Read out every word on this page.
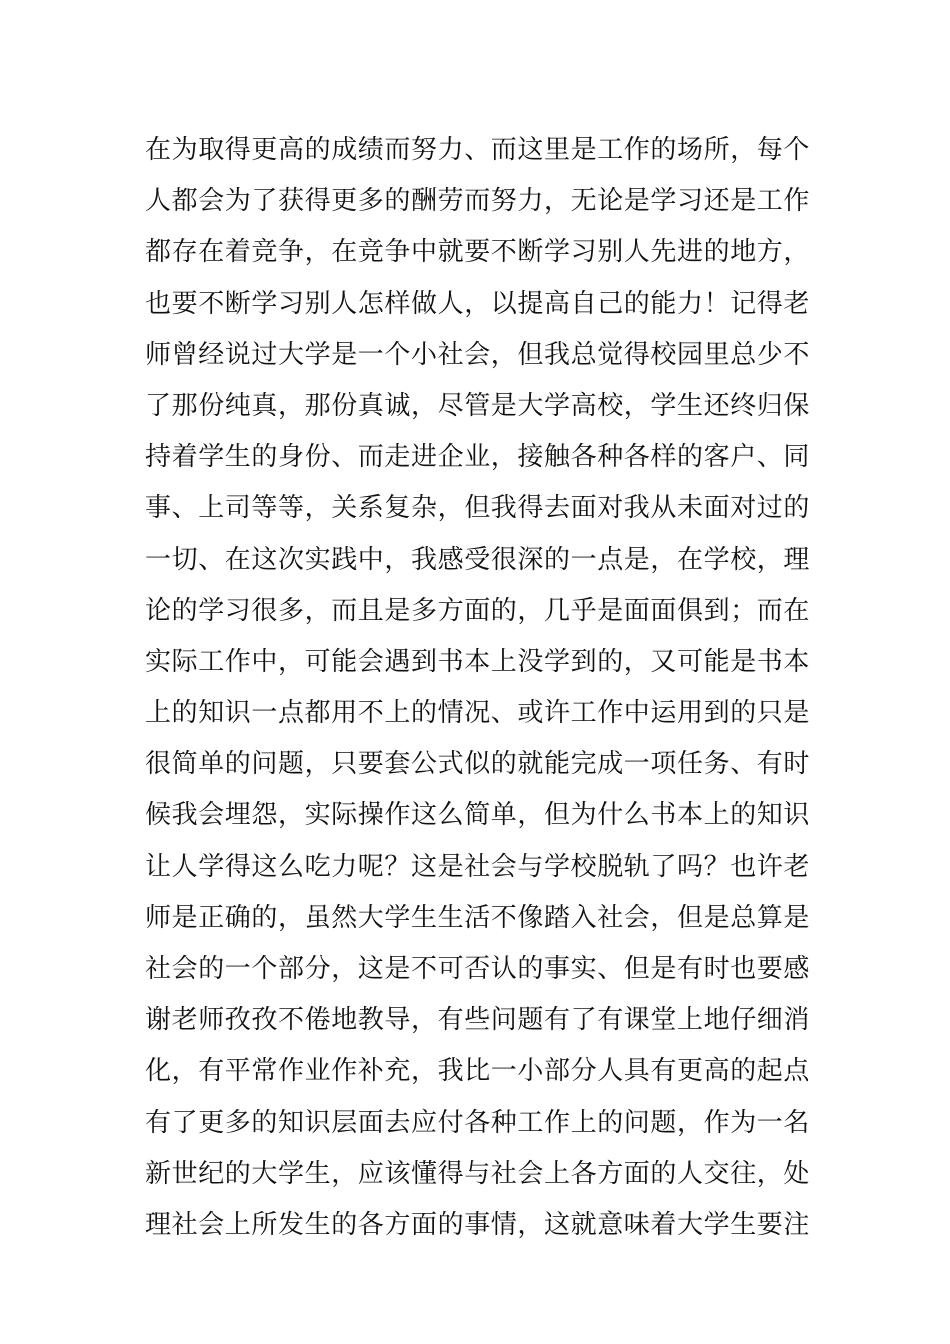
在为取得更高的成绩而努力、而这里是工作的场所，每个
人都会为了获得更多的酬劳而努力，无论是学习还是工作
都存在着竞争，在竞争中就要不断学习别人先进的地方，
也要不断学习别人怎样做人，以提高自己的能力！记得老
师曾经说过大学是一个小社会，但我总觉得校园里总少不
了那份纯真，那份真诚，尽管是大学高校，学生还终归保
持着学生的身份、而走进企业，接触各种各样的客户、同
事、上司等等，关系复杂，但我得去面对我从未面对过的
一切、在这次实践中，我感受很深的一点是，在学校，理
论的学习很多，而且是多方面的，几乎是面面俱到；而在
实际工作中，可能会遇到书本上没学到的，又可能是书本
上的知识一点都用不上的情况、或许工作中运用到的只是
很简单的问题，只要套公式似的就能完成一项任务、有时
候我会埋怨，实际操作这么简单，但为什么书本上的知识
让人学得这么吃力呢？这是社会与学校脱轨了吗？也许老
师是正确的，虽然大学生生活不像踏入社会，但是总算是
社会的一个部分，这是不可否认的事实、但是有时也要感
谢老师孜孜不倦地教导，有些问题有了有课堂上地仔细消
化，有平常作业作补充，我比一小部分人具有更高的起点
有了更多的知识层面去应付各种工作上的问题，作为一名
新世纪的大学生，应该懂得与社会上各方面的人交往，处
理社会上所发生的各方面的事情，这就意味着大学生要注
